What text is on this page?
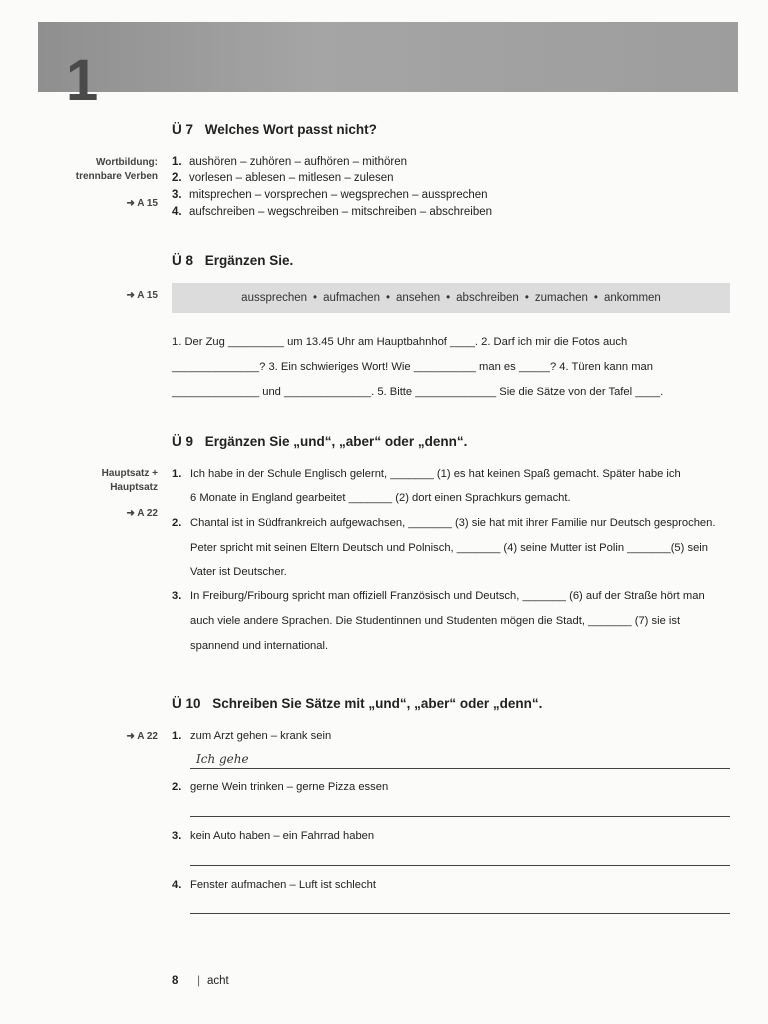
1
Ü 7 Welches Wort passt nicht?
Wortbildung:
trennbare Verben
➜ A 15
1. aushören – zuhören – aufhören – mithören
2. vorlesen – ablesen – mitlesen – zulesen
3. mitsprechen – vorsprechen – wegsprechen – aussprechen
4. aufschreiben – wegschreiben – mitschreiben – abschreiben
Ü 8 Ergänzen Sie.
➜ A 15	aussprechen • aufmachen • ansehen • abschreiben • zumachen • ankommen
1. Der Zug _________ um 13.45 Uhr am Hauptbahnhof ____. 2. Darf ich mir die Fotos auch
______________? 3. Ein schwieriges Wort! Wie __________ man es _____? 4. Türen kann man
______________ und ______________. 5. Bitte _____________ Sie die Sätze von der Tafel ____.
Ü 9 Ergänzen Sie „und“, „aber“ oder „denn“.
Hauptsatz +
Hauptsatz
➜ A 22
1. Ich habe in der Schule Englisch gelernt, _______ (1) es hat keinen Spaß gemacht. Später habe ich
6 Monate in England gearbeitet _______ (2) dort einen Sprachkurs gemacht.
2. Chantal ist in Südfrankreich aufgewachsen, _______ (3) sie hat mit ihrer Familie nur Deutsch gesprochen.
Peter spricht mit seinen Eltern Deutsch und Polnisch, _______ (4) seine Mutter ist Polin _______(5) sein
Vater ist Deutscher.
3. In Freiburg/Fribourg spricht man offiziell Französisch und Deutsch, _______ (6) auf der Straße hört man
auch viele andere Sprachen. Die Studentinnen und Studenten mögen die Stadt, _______ (7) sie ist
spannend und international.
Ü 10 Schreiben Sie Sätze mit „und“, „aber“ oder „denn“.
➜ A 22 1. zum Arzt gehen – krank sein
Ich gehe
2. gerne Wein trinken – gerne Pizza essen
3. kein Auto haben – ein Fahrrad haben
4. Fenster aufmachen – Luft ist schlecht
8 | acht
